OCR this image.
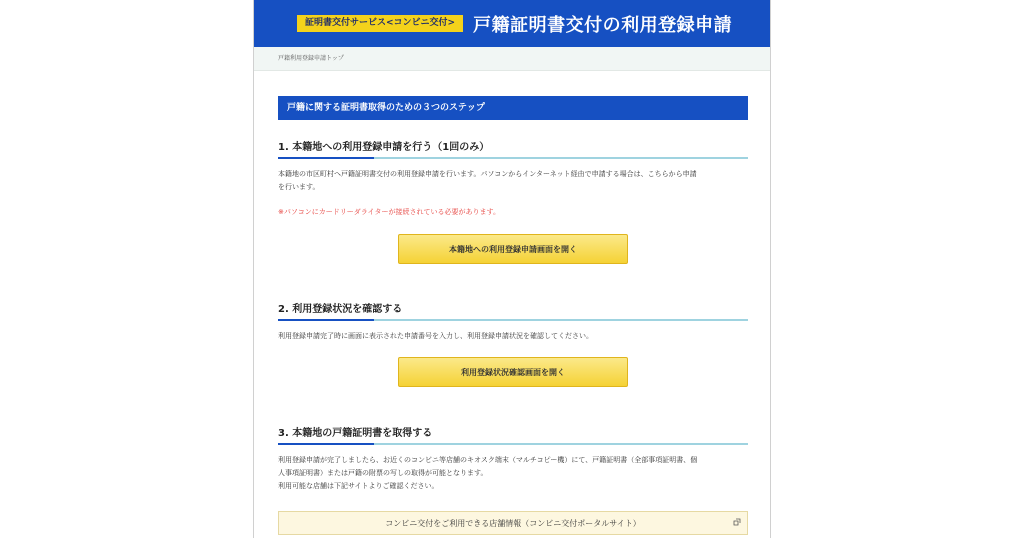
証明書交付サービス<コンビニ交付>	戸籍証明書交付の利用登録申請
戸籍利用登録申請トップ
戸籍に関する証明書取得のための３つのステップ
1. 本籍地への利用登録申請を行う（1回のみ）
本籍地の市区町村へ戸籍証明書交付の利用登録申請を行います。パソコンからインターネット経由で申請する場合は、こちらから申請
を行います。
※パソコンにカードリーダライターが接続されている必要があります。
本籍地への利用登録申請画面を開く
2. 利用登録状況を確認する
利用登録申請完了時に画面に表示された申請番号を入力し、利用登録申請状況を確認してください。
利用登録状況確認画面を開く
3. 本籍地の戸籍証明書を取得する
利用登録申請が完了しましたら、お近くのコンビニ等店舗のキオスク端末（マルチコピー機）にて、戸籍証明書（全部事項証明書、個
人事項証明書）または戸籍の附票の写しの取得が可能となります。
利用可能な店舗は下記サイトよりご確認ください。
コンビニ交付をご利用できる店舗情報（コンビニ交付ポータルサイト）
